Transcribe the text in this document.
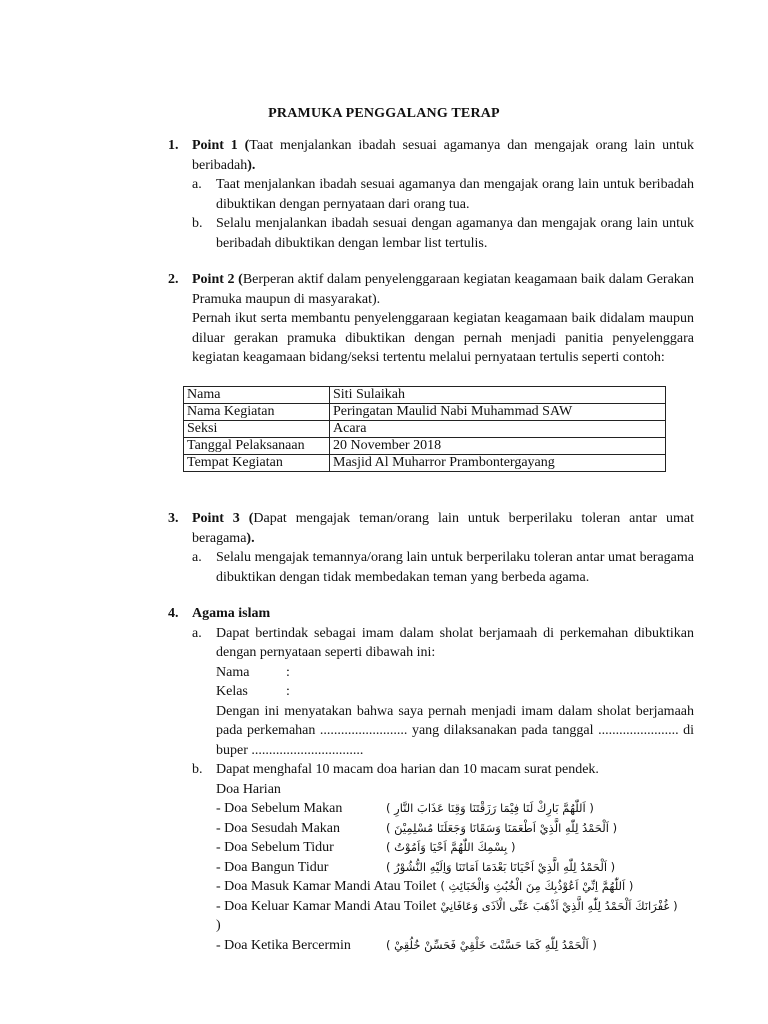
PRAMUKA PENGGALANG TERAP
1. Point 1 (Taat menjalankan ibadah sesuai agamanya dan mengajak orang lain untuk beribadah).
a. Taat menjalankan ibadah sesuai agamanya dan mengajak orang lain untuk beribadah dibuktikan dengan pernyataan dari orang tua.
b. Selalu menjalankan ibadah sesuai dengan agamanya dan mengajak orang lain untuk beribadah dibuktikan dengan lembar list tertulis.
2. Point 2 (Berperan aktif dalam penyelenggaraan kegiatan keagamaan baik dalam Gerakan Pramuka maupun di masyarakat).
Pernah ikut serta membantu penyelenggaraan kegiatan keagamaan baik didalam maupun diluar gerakan pramuka dibuktikan dengan pernah menjadi panitia penyelenggara kegiatan keagamaan bidang/seksi tertentu melalui pernyataan tertulis seperti contoh:
Nama	Siti Sulaikah
Nama Kegiatan	Peringatan Maulid Nabi Muhammad SAW
Seksi	Acara
Tanggal Pelaksanaan	20 November 2018
Tempat Kegiatan	Masjid Al Muharror Prambontergayang
3. Point 3 (Dapat mengajak teman/orang lain untuk berperilaku toleran antar umat beragama).
a. Selalu mengajak temannya/orang lain untuk berperilaku toleran antar umat beragama dibuktikan dengan tidak membedakan teman yang berbeda agama.
4. Agama islam
a. Dapat bertindak sebagai imam dalam sholat berjamaah di perkemahan dibuktikan dengan pernyataan seperti dibawah ini:
Nama	:
Kelas	:
Dengan ini menyatakan bahwa saya pernah menjadi imam dalam sholat berjamaah pada perkemahan ......................... yang dilaksanakan pada tanggal ....................... di buper ................................
b. Dapat menghafal 10 macam doa harian dan 10 macam surat pendek.
Doa Harian
- Doa Sebelum Makan	( اَللّٰهُمَّ بَارِكْ لَنَا فِيْمَا رَزَقْتَنَا وَقِنَا عَذَابَ النَّارِ )
- Doa Sesudah Makan	( اَلْحَمْدُ لِلّٰهِ الَّذِيْ اَطْعَمَنَا وَسَقَانَا وَجَعَلَنَا مُسْلِمِيْنَ )
- Doa Sebelum Tidur	( بِسْمِكَ اللّٰهُمَّ اَحْيَا وَاَمُوْتُ )
- Doa Bangun Tidur	( اَلْحَمْدُ لِلّٰهِ الَّذِيْ اَحْيَانَا بَعْدَمَا اَمَاتَنَا وَاِلَيْهِ النُّشُوْرُ )
- Doa Masuk Kamar Mandi Atau Toilet ( اَللّٰهُمَّ اِنِّيْ اَعُوْذُبِكَ مِنَ الْخُبُثِ وَالْخَبَائِثِ )
- Doa Keluar Kamar Mandi Atau Toilet ( غُفْرَانَكَ اَلْحَمْدُ لِلّٰهِ الَّذِيْ اَذْهَبَ عَنِّى الْاَذَى وَعَافَانِيْ
)
- Doa Ketika Bercermin	( اَلْحَمْدُ لِلّٰهِ كَمَا حَسَّنْتَ خَلْقِيْ فَحَسِّنْ خُلُقِيْ )
